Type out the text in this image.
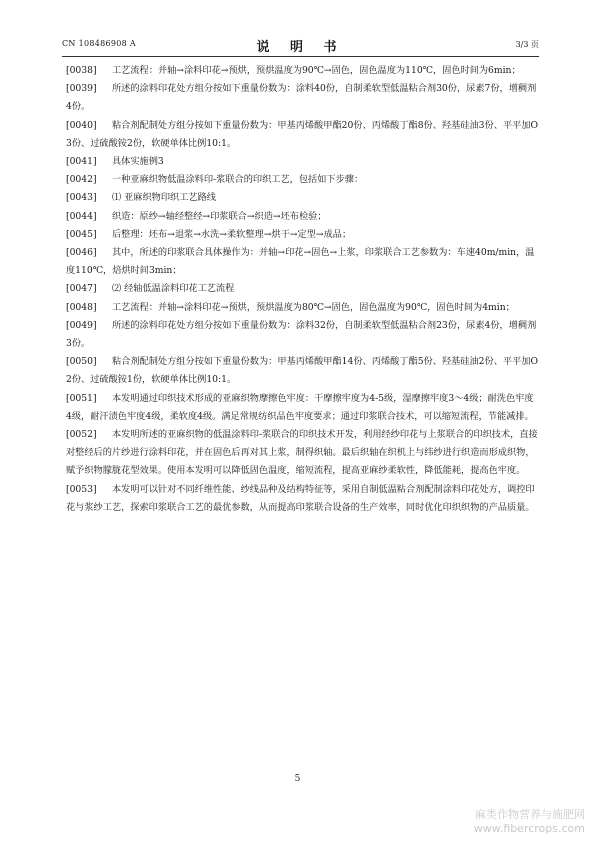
CN 108486908 A	说 明 书	3/3 页

[0038] 工艺流程：并轴→涂料印花→预烘，预烘温度为90℃→固色，固色温度为110℃，固色时间为6min；

[0039] 所述的涂料印花处方组分按如下重量份数为：涂料40份，自制柔软型低温粘合剂30份，尿素7份，增稠剂4份。

[0040] 粘合剂配制处方组分按如下重量份数为：甲基丙烯酸甲酯20份、丙烯酸丁酯8份、羟基硅油3份、平平加O 3份、过硫酸铵2份，软硬单体比例10:1。

[0041] 具体实施例3

[0042] 一种亚麻织物低温涂料印-浆联合的印织工艺，包括如下步骤：

[0043] ⑴ 亚麻织物印织工艺路线

[0044] 织造：原纱→轴经整经→印浆联合→织造→坯布检验；

[0045] 后整理：坯布→退浆→水洗→柔软整理→烘干→定型→成品；

[0046] 其中，所述的印浆联合具体操作为：并轴→印花→固色→上浆，印浆联合工艺参数为：车速40m/min，温度110℃，焙烘时间3min；

[0047] ⑵ 经轴低温涂料印花工艺流程

[0048] 工艺流程：并轴→涂料印花→预烘，预烘温度为80℃→固色，固色温度为90℃，固色时间为4min；

[0049] 所述的涂料印花处方组分按如下重量份数为：涂料32份，自制柔软型低温粘合剂23份，尿素4份，增稠剂3份。

[0050] 粘合剂配制处方组分按如下重量份数为：甲基丙烯酸甲酯14份、丙烯酸丁酯5份、羟基硅油2份、平平加O 2份、过硫酸铵1份，软硬单体比例10:1。

[0051] 本发明通过印织技术形成的亚麻织物摩擦色牢度：干摩擦牢度为4-5级，湿摩擦牢度3～4级；耐洗色牢度4级，耐汗渍色牢度4级，柔软度4级。满足常规纺织品色牢度要求；通过印浆联合技术，可以缩短流程，节能减排。

[0052] 本发明所述的亚麻织物的低温涂料印-浆联合的印织技术开发，利用经纱印花与上浆联合的印织技术，直接对整经后的片纱进行涂料印花，并在固色后再对其上浆，制得织轴。最后织轴在织机上与纬纱进行织造而形成织物，赋予织物朦胧花型效果。使用本发明可以降低固色温度，缩短流程，提高亚麻纱柔软性，降低能耗，提高色牢度。

[0053] 本发明可以针对不同纤维性能、纱线品种及结构特征等，采用自制低温粘合剂配制涂料印花处方，调控印花与浆纱工艺，探索印浆联合工艺的最优参数，从而提高印浆联合设备的生产效率，同时优化印织织物的产品质量。

5
麻类作物营养与施肥网
www.fibercrops.com
